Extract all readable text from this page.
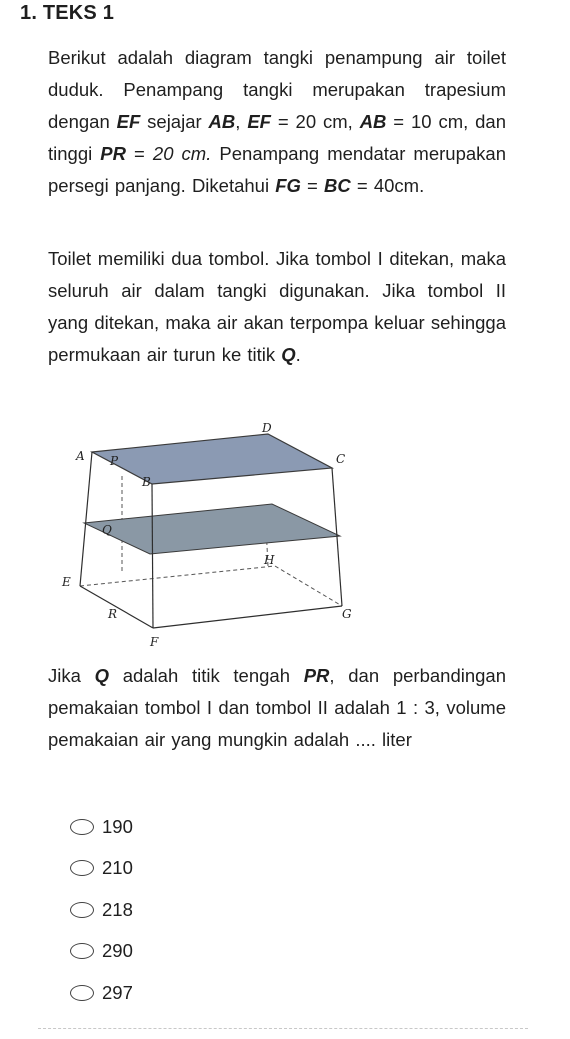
1. TEKS 1
Berikut adalah diagram tangki penampung air toilet duduk. Penampang tangki merupakan trapesium dengan EF sejajar AB, EF = 20 cm, AB = 10 cm, dan tinggi PR = 20 cm. Penampang mendatar merupakan persegi panjang. Diketahui FG = BC = 40cm.
Toilet memiliki dua tombol. Jika tombol I ditekan, maka seluruh air dalam tangki digunakan. Jika tombol II yang ditekan, maka air akan terpompa keluar sehingga permukaan air turun ke titik Q.
A P
B
D
C
Q
H
E
R	G
F
Jika Q adalah titik tengah PR, dan perbandingan pemakaian tombol I dan tombol II adalah 1 : 3, volume pemakaian air yang mungkin adalah .... liter
190
210
218
290
297
